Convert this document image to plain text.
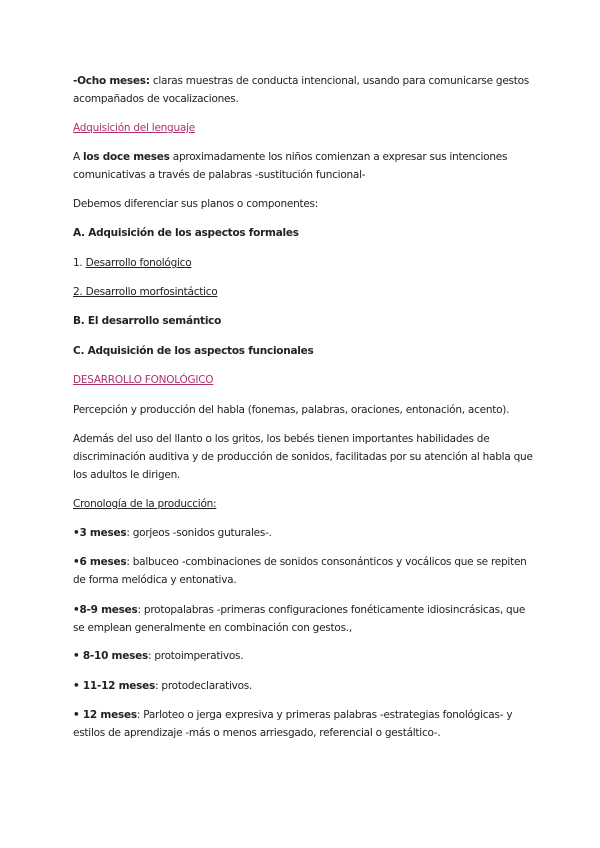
-Ocho meses: claras muestras de conducta intencional, usando para comunicarse gestos acompañados de vocalizaciones.

Adquisición del lenguaje

A los doce meses aproximadamente los niños comienzan a expresar sus intenciones comunicativas a través de palabras -sustitución funcional-

Debemos diferenciar sus planos o componentes:

A. Adquisición de los aspectos formales

1. Desarrollo fonológico

2. Desarrollo morfosintáctico

B. El desarrollo semántico

C. Adquisición de los aspectos funcionales

DESARROLLO FONOLÓGICO

Percepción y producción del habla (fonemas, palabras, oraciones, entonación, acento).

Además del uso del llanto o los gritos, los bebés tienen importantes habilidades de discriminación auditiva y de producción de sonidos, facilitadas por su atención al habla que los adultos le dirigen.

Cronología de la producción:

•3 meses: gorjeos -sonidos guturales-.

•6 meses: balbuceo -combinaciones de sonidos consonánticos y vocálicos que se repiten de forma melódica y entonativa.

•8-9 meses: protopalabras -primeras configuraciones fonéticamente idiosincrásicas, que se emplean generalmente en combinación con gestos.,

• 8-10 meses: protoimperativos.

• 11-12 meses: protodeclarativos.

• 12 meses: Parloteo o jerga expresiva y primeras palabras -estrategias fonológicas- y estilos de aprendizaje -más o menos arriesgado, referencial o gestáltico-.
